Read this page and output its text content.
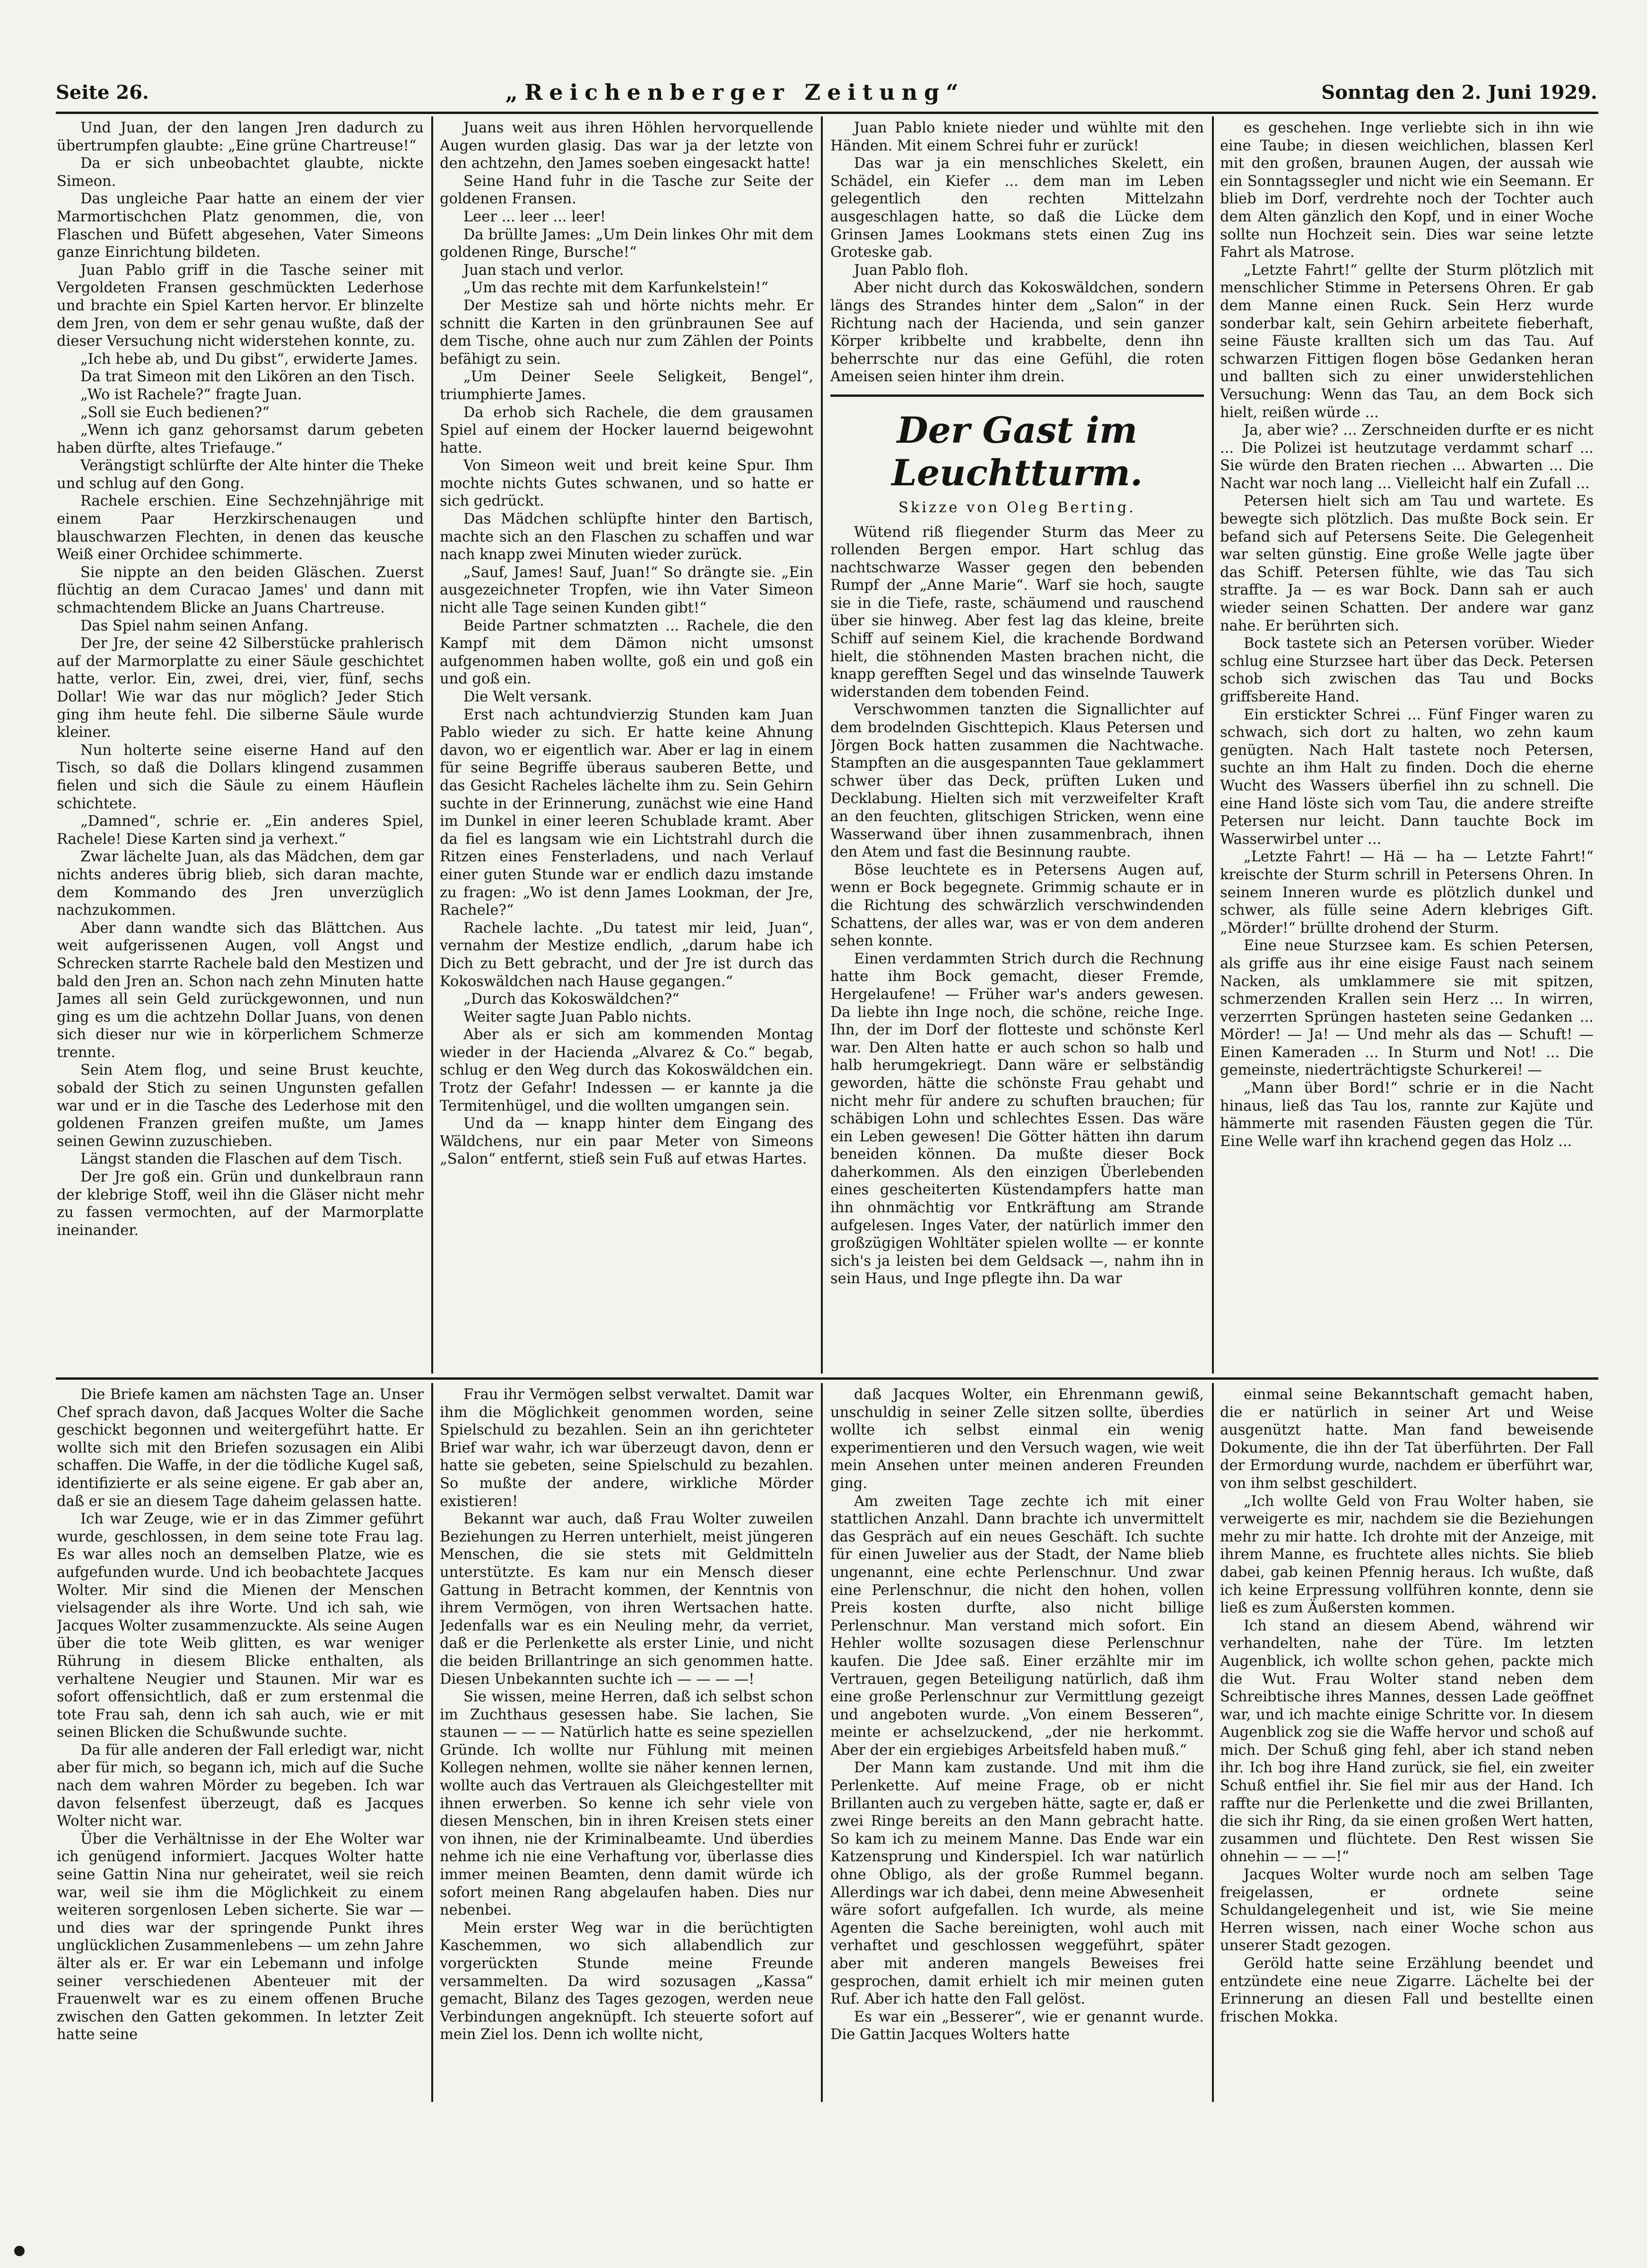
Seite 26.	„Reichenberger Zeitung“	Sonntag den 2. Juni 1929.

Und Juan, der den langen Jren dadurch zu übertrumpfen glaubte: „Eine grüne Chartreuse!“

Da er sich unbeobachtet glaubte, nickte Simeon.

Das ungleiche Paar hatte an einem der vier Marmortischchen Platz genommen, die, von Flaschen und Büfett abgesehen, Vater Simeons ganze Einrichtung bildeten.

Juan Pablo griff in die Tasche seiner mit Vergoldeten Fransen geschmückten Lederhose und brachte ein Spiel Karten hervor. Er blinzelte dem Jren, von dem er sehr genau wußte, daß der dieser Versuchung nicht widerstehen konnte, zu.

„Ich hebe ab, und Du gibst“, erwiderte James.

Da trat Simeon mit den Likören an den Tisch.

„Wo ist Rachele?“ fragte Juan.

„Soll sie Euch bedienen?“

„Wenn ich ganz gehorsamst darum gebeten haben dürfte, altes Triefauge.“

Verängstigt schlürfte der Alte hinter die Theke und schlug auf den Gong.

Rachele erschien. Eine Sechzehnjährige mit einem Paar Herzkirschenaugen und blauschwarzen Flechten, in denen das keusche Weiß einer Orchidee schimmerte.

Sie nippte an den beiden Gläschen. Zuerst flüchtig an dem Curacao James' und dann mit schmachtendem Blicke an Juans Chartreuse.

Das Spiel nahm seinen Anfang.

Der Jre, der seine 42 Silberstücke prahlerisch auf der Marmorplatte zu einer Säule geschichtet hatte, verlor. Ein, zwei, drei, vier, fünf, sechs Dollar! Wie war das nur möglich? Jeder Stich ging ihm heute fehl. Die silberne Säule wurde kleiner.

Nun holterte seine eiserne Hand auf den Tisch, so daß die Dollars klingend zusammen fielen und sich die Säule zu einem Häuflein schichtete.

„Damned“, schrie er. „Ein anderes Spiel, Rachele! Diese Karten sind ja verhext.“

Zwar lächelte Juan, als das Mädchen, dem gar nichts anderes übrig blieb, sich daran machte, dem Kommando des Jren unverzüglich nachzukommen.

Aber dann wandte sich das Blättchen. Aus weit aufgerissenen Augen, voll Angst und Schrecken starrte Rachele bald den Mestizen und bald den Jren an. Schon nach zehn Minuten hatte James all sein Geld zurückgewonnen, und nun ging es um die achtzehn Dollar Juans, von denen sich dieser nur wie in körperlichem Schmerze trennte.

Sein Atem flog, und seine Brust keuchte, sobald der Stich zu seinen Ungunsten gefallen war und er in die Tasche des Lederhose mit den goldenen Franzen greifen mußte, um James seinen Gewinn zuzuschieben.

Längst standen die Flaschen auf dem Tisch.

Der Jre goß ein. Grün und dunkelbraun rann der klebrige Stoff, weil ihn die Gläser nicht mehr zu fassen vermochten, auf der Marmorplatte ineinander.

Juans weit aus ihren Höhlen hervorquellende Augen wurden glasig. Das war ja der letzte von den achtzehn, den James soeben eingesackt hatte!

Seine Hand fuhr in die Tasche zur Seite der goldenen Fransen.

Leer ... leer ... leer!

Da brüllte James: „Um Dein linkes Ohr mit dem goldenen Ringe, Bursche!“

Juan stach und verlor.

„Um das rechte mit dem Karfunkelstein!“

Der Mestize sah und hörte nichts mehr. Er schnitt die Karten in den grünbraunen See auf dem Tische, ohne auch nur zum Zählen der Points befähigt zu sein.

„Um Deiner Seele Seligkeit, Bengel“, triumphierte James.

Da erhob sich Rachele, die dem grausamen Spiel auf einem der Hocker lauernd beigewohnt hatte.

Von Simeon weit und breit keine Spur. Ihm mochte nichts Gutes schwanen, und so hatte er sich gedrückt.

Das Mädchen schlüpfte hinter den Bartisch, machte sich an den Flaschen zu schaffen und war nach knapp zwei Minuten wieder zurück.

„Sauf, James! Sauf, Juan!“ So drängte sie. „Ein ausgezeichneter Tropfen, wie ihn Vater Simeon nicht alle Tage seinen Kunden gibt!“

Beide Partner schmatzten ... Rachele, die den Kampf mit dem Dämon nicht umsonst aufgenommen haben wollte, goß ein und goß ein und goß ein.

Die Welt versank.

Erst nach achtundvierzig Stunden kam Juan Pablo wieder zu sich. Er hatte keine Ahnung davon, wo er eigentlich war. Aber er lag in einem für seine Begriffe überaus sauberen Bette, und das Gesicht Racheles lächelte ihm zu. Sein Gehirn suchte in der Erinnerung, zunächst wie eine Hand im Dunkel in einer leeren Schublade kramt. Aber da fiel es langsam wie ein Lichtstrahl durch die Ritzen eines Fensterladens, und nach Verlauf einer guten Stunde war er endlich dazu imstande zu fragen: „Wo ist denn James Lookman, der Jre, Rachele?“

Rachele lachte. „Du tatest mir leid, Juan“, vernahm der Mestize endlich, „darum habe ich Dich zu Bett gebracht, und der Jre ist durch das Kokoswäldchen nach Hause gegangen.“

„Durch das Kokoswäldchen?“

Weiter sagte Juan Pablo nichts.

Aber als er sich am kommenden Montag wieder in der Hacienda „Alvarez & Co.“ begab, schlug er den Weg durch das Kokoswäldchen ein. Trotz der Gefahr! Indessen — er kannte ja die Termitenhügel, und die wollten umgangen sein.

Und da — knapp hinter dem Eingang des Wäldchens, nur ein paar Meter von Simeons „Salon“ entfernt, stieß sein Fuß auf etwas Hartes.

Juan Pablo kniete nieder und wühlte mit den Händen. Mit einem Schrei fuhr er zurück!

Das war ja ein menschliches Skelett, ein Schädel, ein Kiefer ... dem man im Leben gelegentlich den rechten Mittelzahn ausgeschlagen hatte, so daß die Lücke dem Grinsen James Lookmans stets einen Zug ins Groteske gab.

Juan Pablo floh.

Aber nicht durch das Kokoswäldchen, sondern längs des Strandes hinter dem „Salon“ in der Richtung nach der Hacienda, und sein ganzer Körper kribbelte und krabbelte, denn ihn beherrschte nur das eine Gefühl, die roten Ameisen seien hinter ihm drein.

Der Gast im Leuchtturm.
Skizze von Oleg Berting.

Wütend riß fliegender Sturm das Meer zu rollenden Bergen empor. Hart schlug das nachtschwarze Wasser gegen den bebenden Rumpf der „Anne Marie“. Warf sie hoch, saugte sie in die Tiefe, raste, schäumend und rauschend über sie hinweg. Aber fest lag das kleine, breite Schiff auf seinem Kiel, die krachende Bordwand hielt, die stöhnenden Masten brachen nicht, die knapp gerefften Segel und das winselnde Tauwerk widerstanden dem tobenden Feind.

Verschwommen tanzten die Signallichter auf dem brodelnden Gischttepich. Klaus Petersen und Jörgen Bock hatten zusammen die Nachtwache. Stampften an die ausgespannten Taue geklammert schwer über das Deck, prüften Luken und Decklabung. Hielten sich mit verzweifelter Kraft an den feuchten, glitschigen Stricken, wenn eine Wasserwand über ihnen zusammenbrach, ihnen den Atem und fast die Besinnung raubte.

Böse leuchtete es in Petersens Augen auf, wenn er Bock begegnete. Grimmig schaute er in die Richtung des schwärzlich verschwindenden Schattens, der alles war, was er von dem anderen sehen konnte.

Einen verdammten Strich durch die Rechnung hatte ihm Bock gemacht, dieser Fremde, Hergelaufene! — Früher war's anders gewesen. Da liebte ihn Inge noch, die schöne, reiche Inge. Ihn, der im Dorf der flotteste und schönste Kerl war. Den Alten hatte er auch schon so halb und halb herumgekriegt. Dann wäre er selbständig geworden, hätte die schönste Frau gehabt und nicht mehr für andere zu schuften brauchen; für schäbigen Lohn und schlechtes Essen. Das wäre ein Leben gewesen! Die Götter hätten ihn darum beneiden können. Da mußte dieser Bock daherkommen. Als den einzigen Überlebenden eines gescheiterten Küstendampfers hatte man ihn ohnmächtig vor Entkräftung am Strande aufgelesen. Inges Vater, der natürlich immer den großzügigen Wohltäter spielen wollte — er konnte sich's ja leisten bei dem Geldsack —, nahm ihn in sein Haus, und Inge pflegte ihn. Da war

es geschehen. Inge verliebte sich in ihn wie eine Taube; in diesen weichlichen, blassen Kerl mit den großen, braunen Augen, der aussah wie ein Sonntagssegler und nicht wie ein Seemann. Er blieb im Dorf, verdrehte noch der Tochter auch dem Alten gänzlich den Kopf, und in einer Woche sollte nun Hochzeit sein. Dies war seine letzte Fahrt als Matrose.

„Letzte Fahrt!“ gellte der Sturm plötzlich mit menschlicher Stimme in Petersens Ohren. Er gab dem Manne einen Ruck. Sein Herz wurde sonderbar kalt, sein Gehirn arbeitete fieberhaft, seine Fäuste krallten sich um das Tau. Auf schwarzen Fittigen flogen böse Gedanken heran und ballten sich zu einer unwiderstehlichen Versuchung: Wenn das Tau, an dem Bock sich hielt, reißen würde ...

Ja, aber wie? ... Zerschneiden durfte er es nicht ... Die Polizei ist heutzutage verdammt scharf ... Sie würde den Braten riechen ... Abwarten ... Die Nacht war noch lang ... Vielleicht half ein Zufall ...

Petersen hielt sich am Tau und wartete. Es bewegte sich plötzlich. Das mußte Bock sein. Er befand sich auf Petersens Seite. Die Gelegenheit war selten günstig. Eine große Welle jagte über das Schiff. Petersen fühlte, wie das Tau sich straffte. Ja — es war Bock. Dann sah er auch wieder seinen Schatten. Der andere war ganz nahe. Er berührten sich.

Bock tastete sich an Petersen vorüber. Wieder schlug eine Sturzsee hart über das Deck. Petersen schob sich zwischen das Tau und Bocks griffsbereite Hand.

Ein erstickter Schrei ... Fünf Finger waren zu schwach, sich dort zu halten, wo zehn kaum genügten. Nach Halt tastete noch Petersen, suchte an ihm Halt zu finden. Doch die eherne Wucht des Wassers überfiel ihn zu schnell. Die eine Hand löste sich vom Tau, die andere streifte Petersen nur leicht. Dann tauchte Bock im Wasserwirbel unter ...

„Letzte Fahrt! — Hä — ha — Letzte Fahrt!“ kreischte der Sturm schrill in Petersens Ohren. In seinem Inneren wurde es plötzlich dunkel und schwer, als fülle seine Adern klebriges Gift. „Mörder!“ brüllte drohend der Sturm.

Eine neue Sturzsee kam. Es schien Petersen, als griffe aus ihr eine eisige Faust nach seinem Nacken, als umklammere sie mit spitzen, schmerzenden Krallen sein Herz ... In wirren, verzerrten Sprüngen hasteten seine Gedanken ... Mörder! — Ja! — Und mehr als das — Schuft! — Einen Kameraden ... In Sturm und Not! ... Die gemeinste, niederträchtigste Schurkerei! —

„Mann über Bord!“ schrie er in die Nacht hinaus, ließ das Tau los, rannte zur Kajüte und hämmerte mit rasenden Fäusten gegen die Tür. Eine Welle warf ihn krachend gegen das Holz ...

Die Briefe kamen am nächsten Tage an. Unser Chef sprach davon, daß Jacques Wolter die Sache geschickt begonnen und weitergeführt hatte. Er wollte sich mit den Briefen sozusagen ein Alibi schaffen. Die Waffe, in der die tödliche Kugel saß, identifizierte er als seine eigene. Er gab aber an, daß er sie an diesem Tage daheim gelassen hatte.

Ich war Zeuge, wie er in das Zimmer geführt wurde, geschlossen, in dem seine tote Frau lag. Es war alles noch an demselben Platze, wie es aufgefunden wurde. Und ich beobachtete Jacques Wolter. Mir sind die Mienen der Menschen vielsagender als ihre Worte. Und ich sah, wie Jacques Wolter zusammenzuckte. Als seine Augen über die tote Weib glitten, es war weniger Rührung in diesem Blicke enthalten, als verhaltene Neugier und Staunen. Mir war es sofort offensichtlich, daß er zum erstenmal die tote Frau sah, denn ich sah auch, wie er mit seinen Blicken die Schußwunde suchte.

Da für alle anderen der Fall erledigt war, nicht aber für mich, so begann ich, mich auf die Suche nach dem wahren Mörder zu begeben. Ich war davon felsenfest überzeugt, daß es Jacques Wolter nicht war.

Über die Verhältnisse in der Ehe Wolter war ich genügend informiert. Jacques Wolter hatte seine Gattin Nina nur geheiratet, weil sie reich war, weil sie ihm die Möglichkeit zu einem weiteren sorgenlosen Leben sicherte. Sie war — und dies war der springende Punkt ihres unglücklichen Zusammenlebens — um zehn Jahre älter als er. Er war ein Lebemann und infolge seiner verschiedenen Abenteuer mit der Frauenwelt war es zu einem offenen Bruche zwischen den Gatten gekommen. In letzter Zeit hatte seine

Frau ihr Vermögen selbst verwaltet. Damit war ihm die Möglichkeit genommen worden, seine Spielschuld zu bezahlen. Sein an ihn gerichteter Brief war wahr, ich war überzeugt davon, denn er hatte sie gebeten, seine Spielschuld zu bezahlen. So mußte der andere, wirkliche Mörder existieren!

Bekannt war auch, daß Frau Wolter zuweilen Beziehungen zu Herren unterhielt, meist jüngeren Menschen, die sie stets mit Geldmitteln unterstützte. Es kam nur ein Mensch dieser Gattung in Betracht kommen, der Kenntnis von ihrem Vermögen, von ihren Wertsachen hatte. Jedenfalls war es ein Neuling mehr, da verriet, daß er die Perlenkette als erster Linie, und nicht die beiden Brillantringe an sich genommen hatte. Diesen Unbekannten suchte ich — — — —!

Sie wissen, meine Herren, daß ich selbst schon im Zuchthaus gesessen habe. Sie lachen, Sie staunen — — — Natürlich hatte es seine speziellen Gründe. Ich wollte nur Fühlung mit meinen Kollegen nehmen, wollte sie näher kennen lernen, wollte auch das Vertrauen als Gleichgestellter mit ihnen erwerben. So kenne ich sehr viele von diesen Menschen, bin in ihren Kreisen stets einer von ihnen, nie der Kriminalbeamte. Und überdies nehme ich nie eine Verhaftung vor, überlasse dies immer meinen Beamten, denn damit würde ich sofort meinen Rang abgelaufen haben. Dies nur nebenbei.

Mein erster Weg war in die berüchtigten Kaschemmen, wo sich allabendlich zur vorgerückten Stunde meine Freunde versammelten. Da wird sozusagen „Kassa“ gemacht, Bilanz des Tages gezogen, werden neue Verbindungen angeknüpft. Ich steuerte sofort auf mein Ziel los. Denn ich wollte nicht,

daß Jacques Wolter, ein Ehrenmann gewiß, unschuldig in seiner Zelle sitzen sollte, überdies wollte ich selbst einmal ein wenig experimentieren und den Versuch wagen, wie weit mein Ansehen unter meinen anderen Freunden ging.

Am zweiten Tage zechte ich mit einer stattlichen Anzahl. Dann brachte ich unvermittelt das Gespräch auf ein neues Geschäft. Ich suchte für einen Juwelier aus der Stadt, der Name blieb ungenannt, eine echte Perlenschnur. Und zwar eine Perlenschnur, die nicht den hohen, vollen Preis kosten durfte, also nicht billige Perlenschnur. Man verstand mich sofort. Ein Hehler wollte sozusagen diese Perlenschnur kaufen. Die Jdee saß. Einer erzählte mir im Vertrauen, gegen Beteiligung natürlich, daß ihm eine große Perlenschnur zur Vermittlung gezeigt und angeboten wurde. „Von einem Besseren“, meinte er achselzuckend, „der nie herkommt. Aber der ein ergiebiges Arbeitsfeld haben muß.“

Der Mann kam zustande. Und mit ihm die Perlenkette. Auf meine Frage, ob er nicht Brillanten auch zu vergeben hätte, sagte er, daß er zwei Ringe bereits an den Mann gebracht hatte. So kam ich zu meinem Manne. Das Ende war ein Katzensprung und Kinderspiel. Ich war natürlich ohne Obligo, als der große Rummel begann. Allerdings war ich dabei, denn meine Abwesenheit wäre sofort aufgefallen. Ich wurde, als meine Agenten die Sache bereinigten, wohl auch mit verhaftet und geschlossen weggeführt, später aber mit anderen mangels Beweises frei gesprochen, damit erhielt ich mir meinen guten Ruf. Aber ich hatte den Fall gelöst.

Es war ein „Besserer“, wie er genannt wurde. Die Gattin Jacques Wolters hatte

einmal seine Bekanntschaft gemacht haben, die er natürlich in seiner Art und Weise ausgenützt hatte. Man fand beweisende Dokumente, die ihn der Tat überführten. Der Fall der Ermordung wurde, nachdem er überführt war, von ihm selbst geschildert.

„Ich wollte Geld von Frau Wolter haben, sie verweigerte es mir, nachdem sie die Beziehungen mehr zu mir hatte. Ich drohte mit der Anzeige, mit ihrem Manne, es fruchtete alles nichts. Sie blieb dabei, gab keinen Pfennig heraus. Ich wußte, daß ich keine Erpressung vollführen konnte, denn sie ließ es zum Äußersten kommen.

Ich stand an diesem Abend, während wir verhandelten, nahe der Türe. Im letzten Augenblick, ich wollte schon gehen, packte mich die Wut. Frau Wolter stand neben dem Schreibtische ihres Mannes, dessen Lade geöffnet war, und ich machte einige Schritte vor. In diesem Augenblick zog sie die Waffe hervor und schoß auf mich. Der Schuß ging fehl, aber ich stand neben ihr. Ich bog ihre Hand zurück, sie fiel, ein zweiter Schuß entfiel ihr. Sie fiel mir aus der Hand. Ich raffte nur die Perlenkette und die zwei Brillanten, die sich ihr Ring, da sie einen großen Wert hatten, zusammen und flüchtete. Den Rest wissen Sie ohnehin — — —!“

Jacques Wolter wurde noch am selben Tage freigelassen, er ordnete seine Schuldangelegenheit und ist, wie Sie meine Herren wissen, nach einer Woche schon aus unserer Stadt gezogen.

Geröld hatte seine Erzählung beendet und entzündete eine neue Zigarre. Lächelte bei der Erinnerung an diesen Fall und bestellte einen frischen Mokka.
